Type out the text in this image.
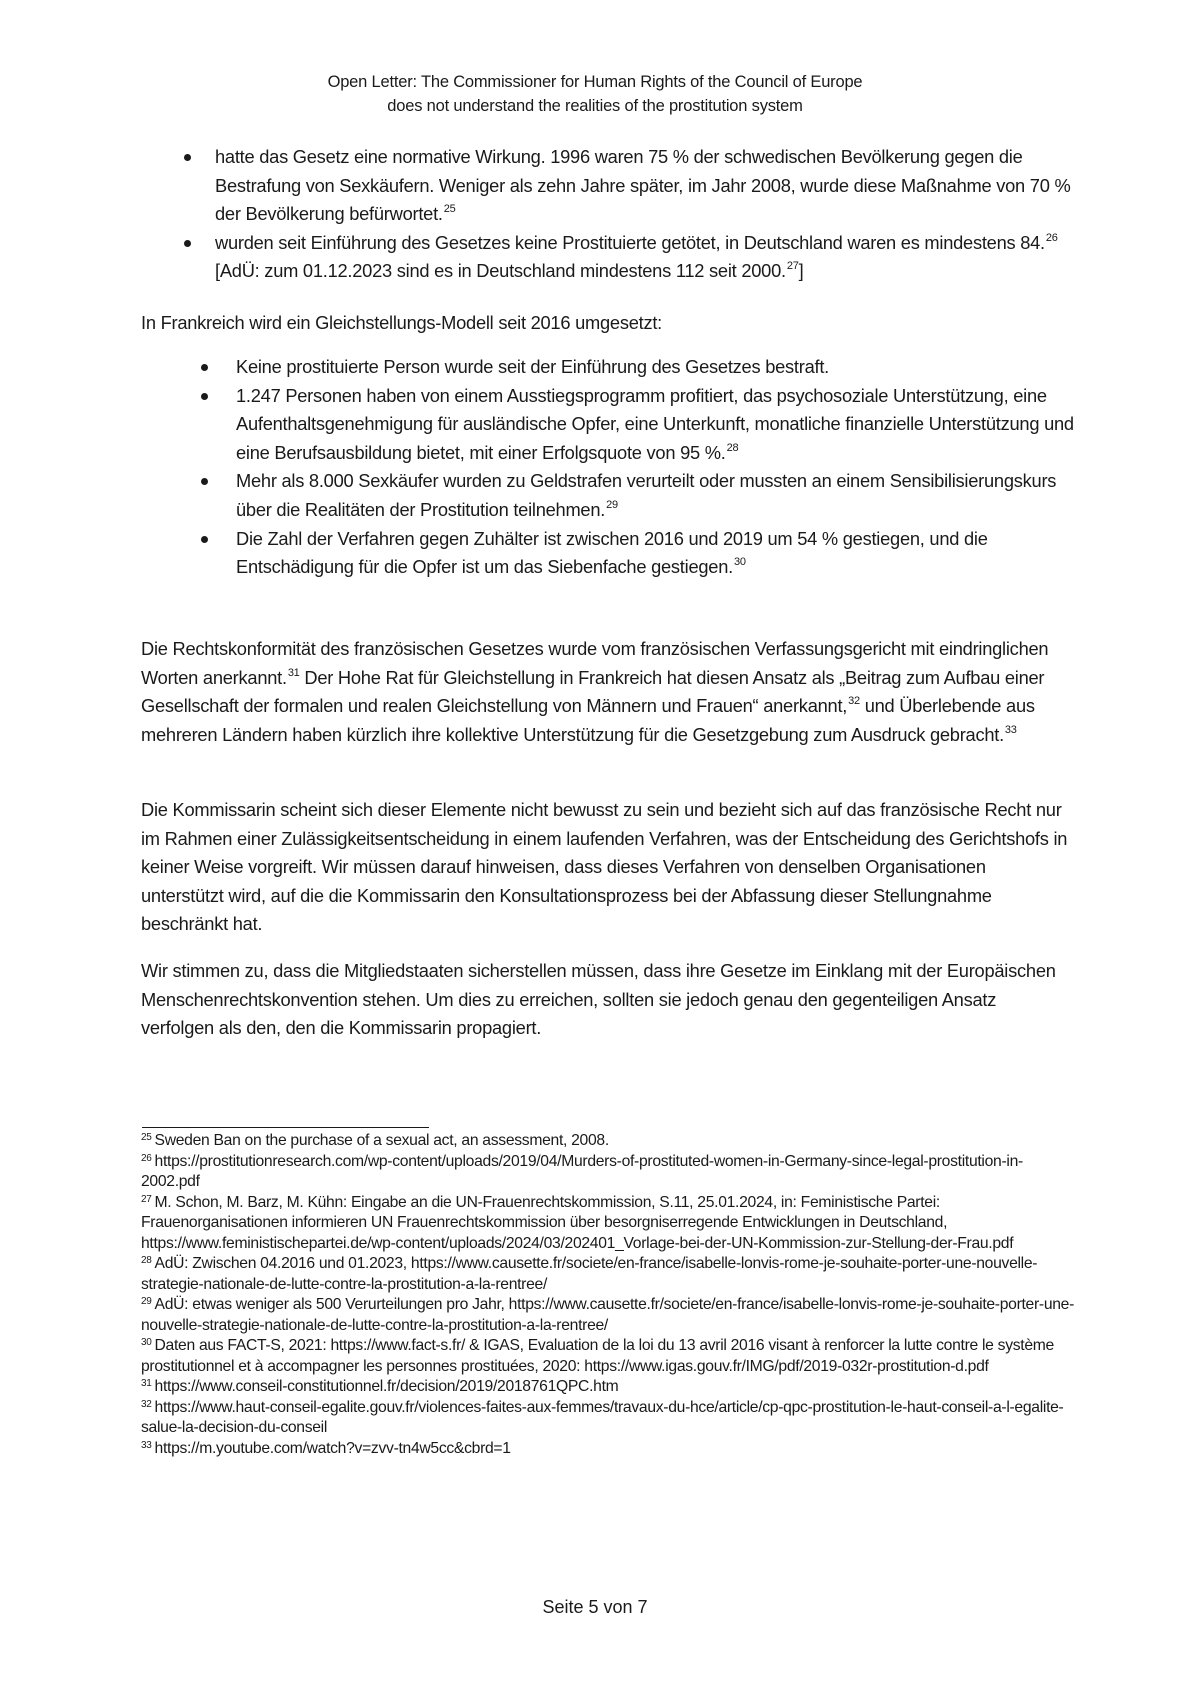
Open Letter: The Commissioner for Human Rights of the Council of Europe
does not understand the realities of the prostitution system
hatte das Gesetz eine normative Wirkung. 1996 waren 75 % der schwedischen Bevölkerung gegen die Bestrafung von Sexkäufern. Weniger als zehn Jahre später, im Jahr 2008, wurde diese Maßnahme von 70 % der Bevölkerung befürwortet.$^{25}$
wurden seit Einführung des Gesetzes keine Prostituierte getötet, in Deutschland waren es mindestens 84.26 [AdÜ: zum 01.12.2023 sind es in Deutschland mindestens 112 seit 2000.27]

In Frankreich wird ein Gleichstellungs-Modell seit 2016 umgesetzt:

Keine prostituierte Person wurde seit der Einführung des Gesetzes bestraft.
1.247 Personen haben von einem Ausstiegsprogramm profitiert, das psychosoziale Unterstützung, eine Aufenthaltsgenehmigung für ausländische Opfer, eine Unterkunft, monatliche finanzielle Unterstützung und eine Berufsausbildung bietet, mit einer Erfolgsquote von 95 %.$^{28}$
Mehr als 8.000 Sexkäufer wurden zu Geldstrafen verurteilt oder mussten an einem Sensibilisierungskurs über die Realitäten der Prostitution teilnehmen.$^{29}$
Die Zahl der Verfahren gegen Zuhälter ist zwischen 2016 und 2019 um 54 % gestiegen, und die Entschädigung für die Opfer ist um das Siebenfache gestiegen.$^{30}$

Die Rechtskonformität des französischen Gesetzes wurde vom französischen Verfassungsgericht mit eindringlichen Worten anerkannt.$^{31}$ Der Hohe Rat für Gleichstellung in Frankreich hat diesen Ansatz als „Beitrag zum Aufbau einer Gesellschaft der formalen und realen Gleichstellung von Männern und Frauen“ anerkannt,$^{32}$ und Überlebende aus mehreren Ländern haben kürzlich ihre kollektive Unterstützung für die Gesetzgebung zum Ausdruck gebracht.$^{33}$

Die Kommissarin scheint sich dieser Elemente nicht bewusst zu sein und bezieht sich auf das französische Recht nur im Rahmen einer Zulässigkeitsentscheidung in einem laufenden Verfahren, was der Entscheidung des Gerichtshofs in keiner Weise vorgreift. Wir müssen darauf hinweisen, dass dieses Verfahren von denselben Organisationen unterstützt wird, auf die die Kommissarin den Konsultationsprozess bei der Abfassung dieser Stellungnahme beschränkt hat.

Wir stimmen zu, dass die Mitgliedstaaten sicherstellen müssen, dass ihre Gesetze im Einklang mit der Europäischen Menschenrechtskonvention stehen. Um dies zu erreichen, sollten sie jedoch genau den gegenteiligen Ansatz verfolgen als den, den die Kommissarin propagiert.

$^{25}$ Sweden Ban on the purchase of a sexual act, an assessment, 2008.

$^{26}$ https://prostitutionresearch.com/wp-content/uploads/2019/04/Murders-of-prostituted-women-in-Germany-since-legal-prostitution-in-2002.pdf

$^{27}$ M. Schon, M. Barz, M. Kühn: Eingabe an die UN-Frauenrechtskommission, S.11, 25.01.2024, in: Feministische Partei: Frauenorganisationen informieren UN Frauenrechtskommission über besorgniserregende Entwicklungen in Deutschland, https://www.feministischepartei.de/wp-content/uploads/2024/03/202401_Vorlage-bei-der-UN-Kommission-zur-Stellung-der-Frau.pdf

$^{28}$ AdÜ: Zwischen 04.2016 und 01.2023, https://www.causette.fr/societe/en-france/isabelle-lonvis-rome-je-souhaite-porter-une-nouvelle-strategie-nationale-de-lutte-contre-la-prostitution-a-la-rentree/

$^{29}$ AdÜ: etwas weniger als 500 Verurteilungen pro Jahr, https://www.causette.fr/societe/en-france/isabelle-lonvis-rome-je-souhaite-porter-une-nouvelle-strategie-nationale-de-lutte-contre-la-prostitution-a-la-rentree/

$^{30}$ Daten aus FACT-S, 2021: https://www.fact-s.fr/ & IGAS, Evaluation de la loi du 13 avril 2016 visant à renforcer la lutte contre le système prostitutionnel et à accompagner les personnes prostituées, 2020: https://www.igas.gouv.fr/IMG/pdf/2019-032r-prostitution-d.pdf

$^{31}$ https://www.conseil-constitutionnel.fr/decision/2019/2018761QPC.htm

$^{32}$ https://www.haut-conseil-egalite.gouv.fr/violences-faites-aux-femmes/travaux-du-hce/article/cp-qpc-prostitution-le-haut-conseil-a-l-egalite-salue-la-decision-du-conseil

$^{33}$ https://m.youtube.com/watch?v=zvv-tn4w5cc&cbrd=1

Seite 5 von 7
